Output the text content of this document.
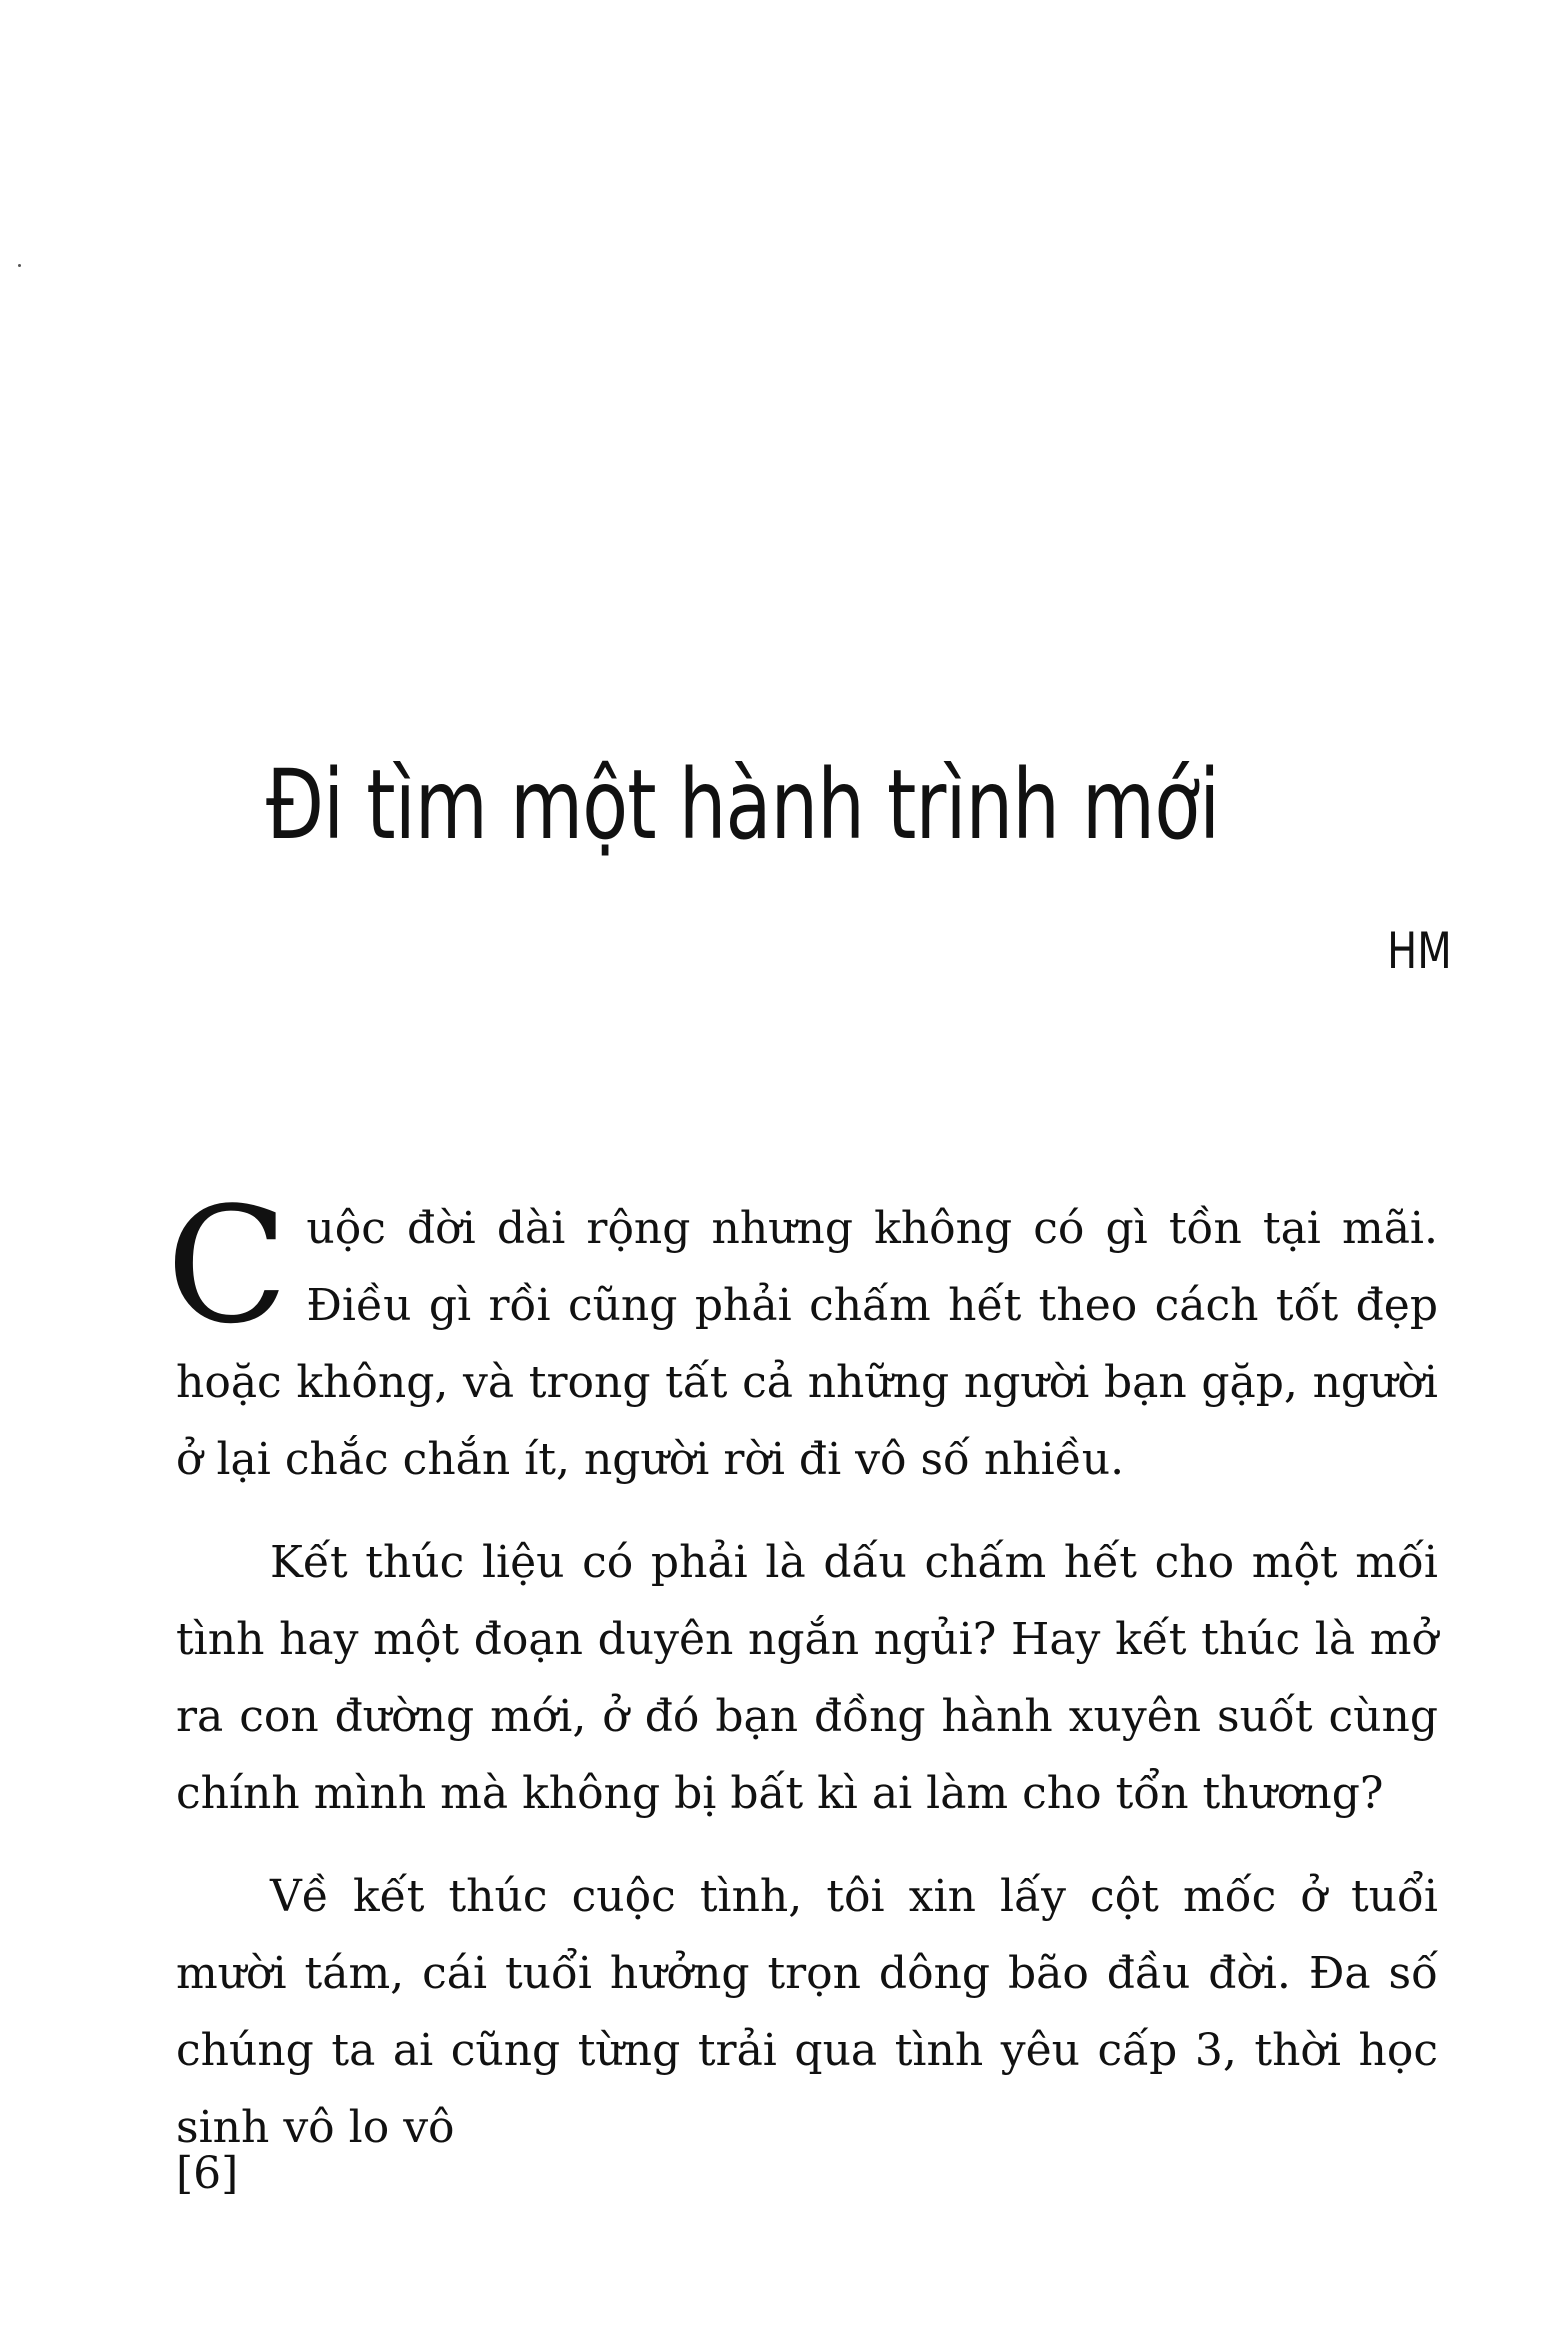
Đi tìm một hành trình mới
HM

Cuộc đời dài rộng nhưng không có gì tồn tại mãi. Điều gì rồi cũng phải chấm hết theo cách tốt đẹp hoặc không, và trong tất cả những người bạn gặp, người ở lại chắc chắn ít, người rời đi vô số nhiều.

Kết thúc liệu có phải là dấu chấm hết cho một mối tình hay một đoạn duyên ngắn ngủi? Hay kết thúc là mở ra con đường mới, ở đó bạn đồng hành xuyên suốt cùng chính mình mà không bị bất kì ai làm cho tổn thương?

Về kết thúc cuộc tình, tôi xin lấy cột mốc ở tuổi mười tám, cái tuổi hưởng trọn dông bão đầu đời. Đa số chúng ta ai cũng từng trải qua tình yêu cấp 3, thời học sinh vô lo vô

[6]
